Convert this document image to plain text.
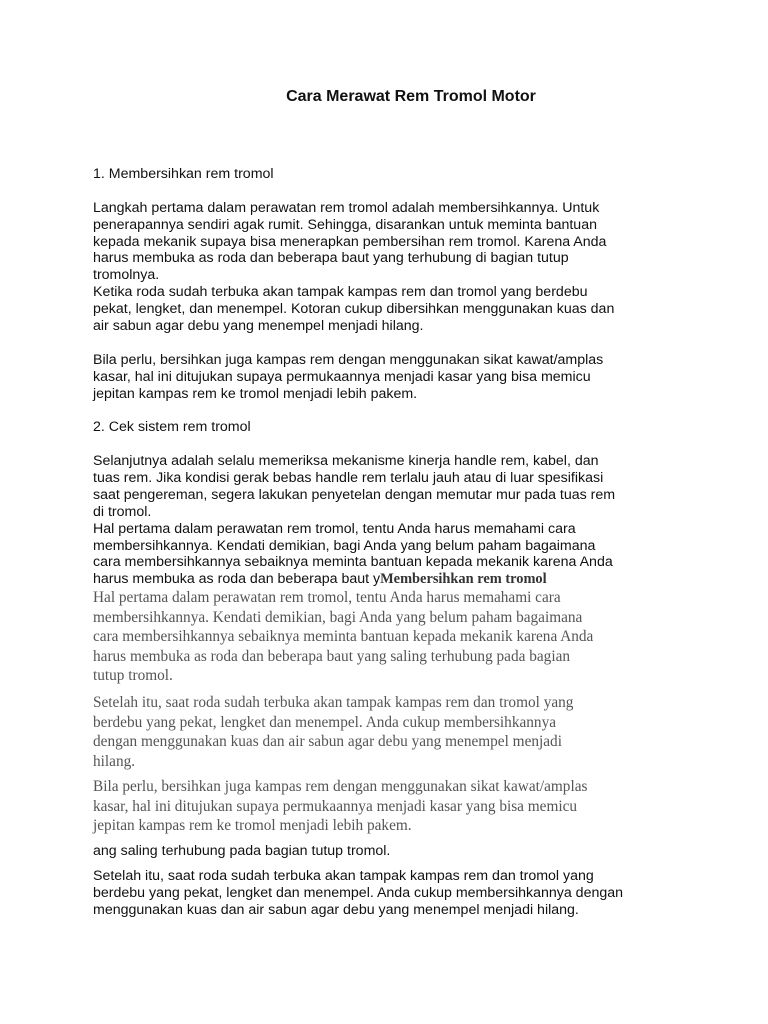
Cara Merawat Rem Tromol Motor
1. Membersihkan rem tromol
Langkah pertama dalam perawatan rem tromol adalah membersihkannya. Untuk
penerapannya sendiri agak rumit. Sehingga, disarankan untuk meminta bantuan
kepada mekanik supaya bisa menerapkan pembersihan rem tromol. Karena Anda
harus membuka as roda dan beberapa baut yang terhubung di bagian tutup
tromolnya.
Ketika roda sudah terbuka akan tampak kampas rem dan tromol yang berdebu
pekat, lengket, dan menempel. Kotoran cukup dibersihkan menggunakan kuas dan
air sabun agar debu yang menempel menjadi hilang.
Bila perlu, bersihkan juga kampas rem dengan menggunakan sikat kawat/amplas
kasar, hal ini ditujukan supaya permukaannya menjadi kasar yang bisa memicu
jepitan kampas rem ke tromol menjadi lebih pakem.
2. Cek sistem rem tromol
Selanjutnya adalah selalu memeriksa mekanisme kinerja handle rem, kabel, dan
tuas rem. Jika kondisi gerak bebas handle rem terlalu jauh atau di luar spesifikasi
saat pengereman, segera lakukan penyetelan dengan memutar mur pada tuas rem
di tromol.
Hal pertama dalam perawatan rem tromol, tentu Anda harus memahami cara
membersihkannya. Kendati demikian, bagi Anda yang belum paham bagaimana
cara membersihkannya sebaiknya meminta bantuan kepada mekanik karena Anda
harus membuka as roda dan beberapa baut yMembersihkan rem tromol
Hal pertama dalam perawatan rem tromol, tentu Anda harus memahami cara
membersihkannya. Kendati demikian, bagi Anda yang belum paham bagaimana
cara membersihkannya sebaiknya meminta bantuan kepada mekanik karena Anda
harus membuka as roda dan beberapa baut yang saling terhubung pada bagian
tutup tromol.
Setelah itu, saat roda sudah terbuka akan tampak kampas rem dan tromol yang
berdebu yang pekat, lengket dan menempel. Anda cukup membersihkannya
dengan menggunakan kuas dan air sabun agar debu yang menempel menjadi
hilang.
Bila perlu, bersihkan juga kampas rem dengan menggunakan sikat kawat/amplas
kasar, hal ini ditujukan supaya permukaannya menjadi kasar yang bisa memicu
jepitan kampas rem ke tromol menjadi lebih pakem.
ang saling terhubung pada bagian tutup tromol.
Setelah itu, saat roda sudah terbuka akan tampak kampas rem dan tromol yang
berdebu yang pekat, lengket dan menempel. Anda cukup membersihkannya dengan
menggunakan kuas dan air sabun agar debu yang menempel menjadi hilang.
